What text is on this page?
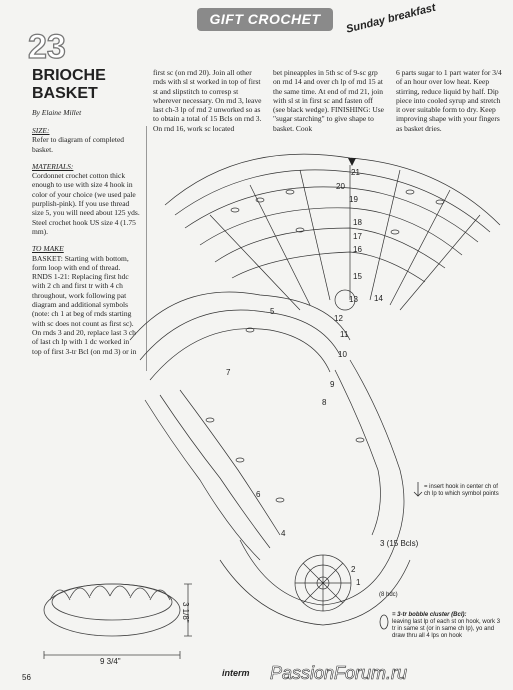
GIFT CROCHET	Sunday breakfast
23
BRIOCHE
BASKET
By Elaine Millet

SIZE:

Refer to diagram of completed basket.

MATERIALS:

Cordonnet crochet cotton thick enough to use with size 4 hook in color of your choice (we used pale purplish-pink). If you use thread size 5, you will need about 125 yds. Steel crochet hook US size 4 (1.75 mm).

TO MAKE

BASKET: Starting with bottom, form loop with end of thread. RNDS 1-21: Replacing first hdc with 2 ch and first tr with 4 ch throughout, work following pat diagram and additional symbols (note: ch 1 at beg of rnds starting with sc does not count as first sc). On rnds 3 and 20, replace last 3 ch of last ch lp with 1 dc worked in top of first 3-tr Bcl (on rnd 3) or in

first sc (on rnd 20). Join all other rnds with sl st worked in top of first st and slipstitch to corresp st wherever necessary. On rnd 3, leave last ch-3 lp of rnd 2 unworked so as to obtain a total of 15 Bcls on rnd 3. On rnd 16, work sc located
bet pineapples in 5th sc of 9-sc grp on rnd 14 and over ch lp of rnd 15 at the same time. At end of rnd 21, join with sl st in first sc and fasten off (see black wedge). FINISHING: Use "sugar starching" to give shape to basket. Cook
6 parts sugar to 1 part water for 3/4 of an hour over low heat. Keep stirring, reduce liquid by half. Dip piece into cooled syrup and stretch it over suitable form to dry. Keep improving shape with your fingers as basket dries.
21
20
19
18
17
16
15
14
13
12
11
10
9
8
7
6
5
4
3 (15 Bcls)
2
1
(8 hdc)
= insert hook in center ch of ch lp to which symbol points
= 3-tr bobble cluster (Bcl):
leaving last lp of each st on hook, work 3 tr in same st (or in same ch lp), yo and draw thru all 4 lps on hook
9 3/4"
3 1/8"
56	interm PassionForum.ru
